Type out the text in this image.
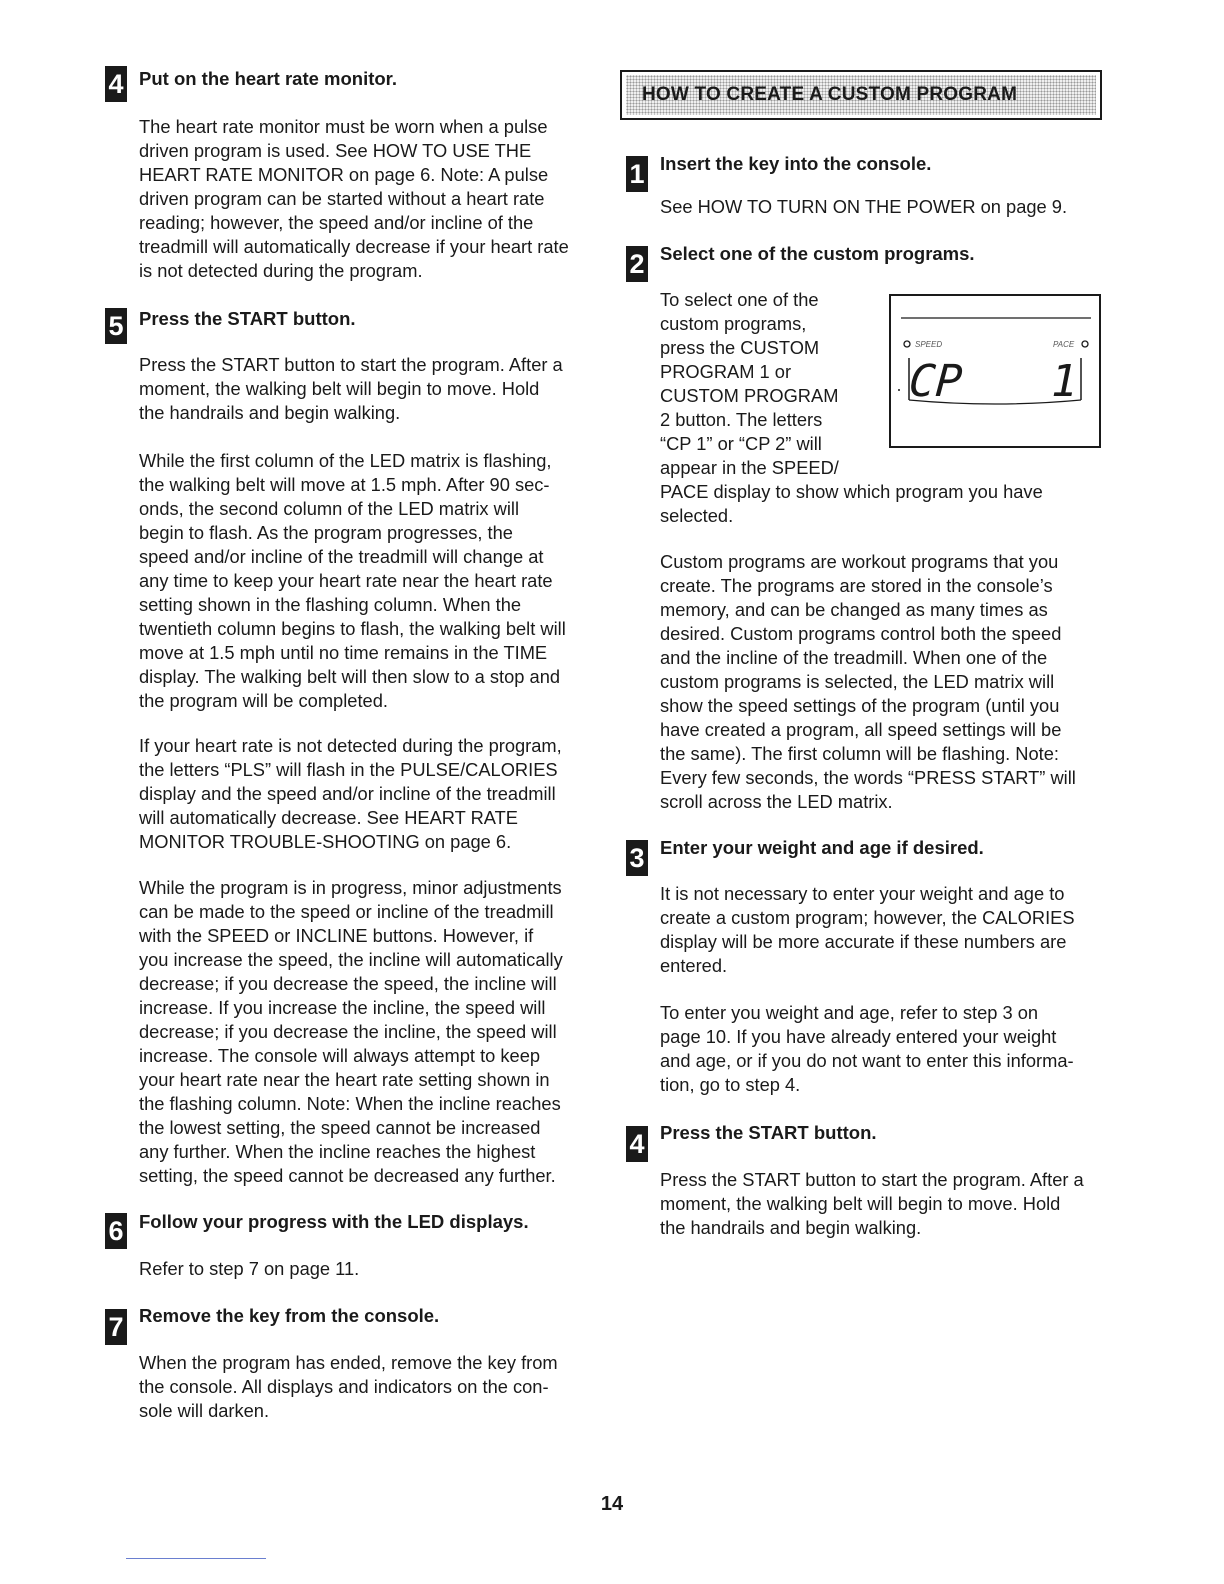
4 Put on the heart rate monitor.
The heart rate monitor must be worn when a pulse
driven program is used. See HOW TO USE THE
HEART RATE MONITOR on page 6. Note: A pulse
driven program can be started without a heart rate
reading; however, the speed and/or incline of the
treadmill will automatically decrease if your heart rate
is not detected during the program.
5 Press the START button.
Press the START button to start the program. After a
moment, the walking belt will begin to move. Hold
the handrails and begin walking.
While the first column of the LED matrix is flashing,
the walking belt will move at 1.5 mph. After 90 sec-
onds, the second column of the LED matrix will
begin to flash. As the program progresses, the
speed and/or incline of the treadmill will change at
any time to keep your heart rate near the heart rate
setting shown in the flashing column. When the
twentieth column begins to flash, the walking belt will
move at 1.5 mph until no time remains in the TIME
display. The walking belt will then slow to a stop and
the program will be completed.
If your heart rate is not detected during the program,
the letters “PLS” will flash in the PULSE/CALORIES
display and the speed and/or incline of the treadmill
will automatically decrease. See HEART RATE
MONITOR TROUBLE-SHOOTING on page 6.
While the program is in progress, minor adjustments
can be made to the speed or incline of the treadmill
with the SPEED or INCLINE buttons. However, if
you increase the speed, the incline will automatically
decrease; if you decrease the speed, the incline will
increase. If you increase the incline, the speed will
decrease; if you decrease the incline, the speed will
increase. The console will always attempt to keep
your heart rate near the heart rate setting shown in
the flashing column. Note: When the incline reaches
the lowest setting, the speed cannot be increased
any further. When the incline reaches the highest
setting, the speed cannot be decreased any further.
6 Follow your progress with the LED displays.
Refer to step 7 on page 11.
7 Remove the key from the console.
When the program has ended, remove the key from
the console. All displays and indicators on the con-
sole will darken.
HOW TO CREATE A CUSTOM PROGRAM
1 Insert the key into the console.
See HOW TO TURN ON THE POWER on page 9.
2 Select one of the custom programs.
To select one of the
custom programs,
press the CUSTOM
PROGRAM 1 or
CUSTOM PROGRAM
2 button. The letters
“CP 1” or “CP 2” will
appear in the SPEED/
PACE display to show which program you have
selected.
Custom programs are workout programs that you
create. The programs are stored in the console’s
memory, and can be changed as many times as
desired. Custom programs control both the speed
and the incline of the treadmill. When one of the
custom programs is selected, the LED matrix will
show the speed settings of the program (until you
have created a program, all speed settings will be
the same). The first column will be flashing. Note:
Every few seconds, the words “PRESS START” will
scroll across the LED matrix.
SPEED	PACE
CP 1
3 Enter your weight and age if desired.
It is not necessary to enter your weight and age to
create a custom program; however, the CALORIES
display will be more accurate if these numbers are
entered.
To enter you weight and age, refer to step 3 on
page 10. If you have already entered your weight
and age, or if you do not want to enter this informa-
tion, go to step 4.
4 Press the START button.
Press the START button to start the program. After a
moment, the walking belt will begin to move. Hold
the handrails and begin walking.
14
